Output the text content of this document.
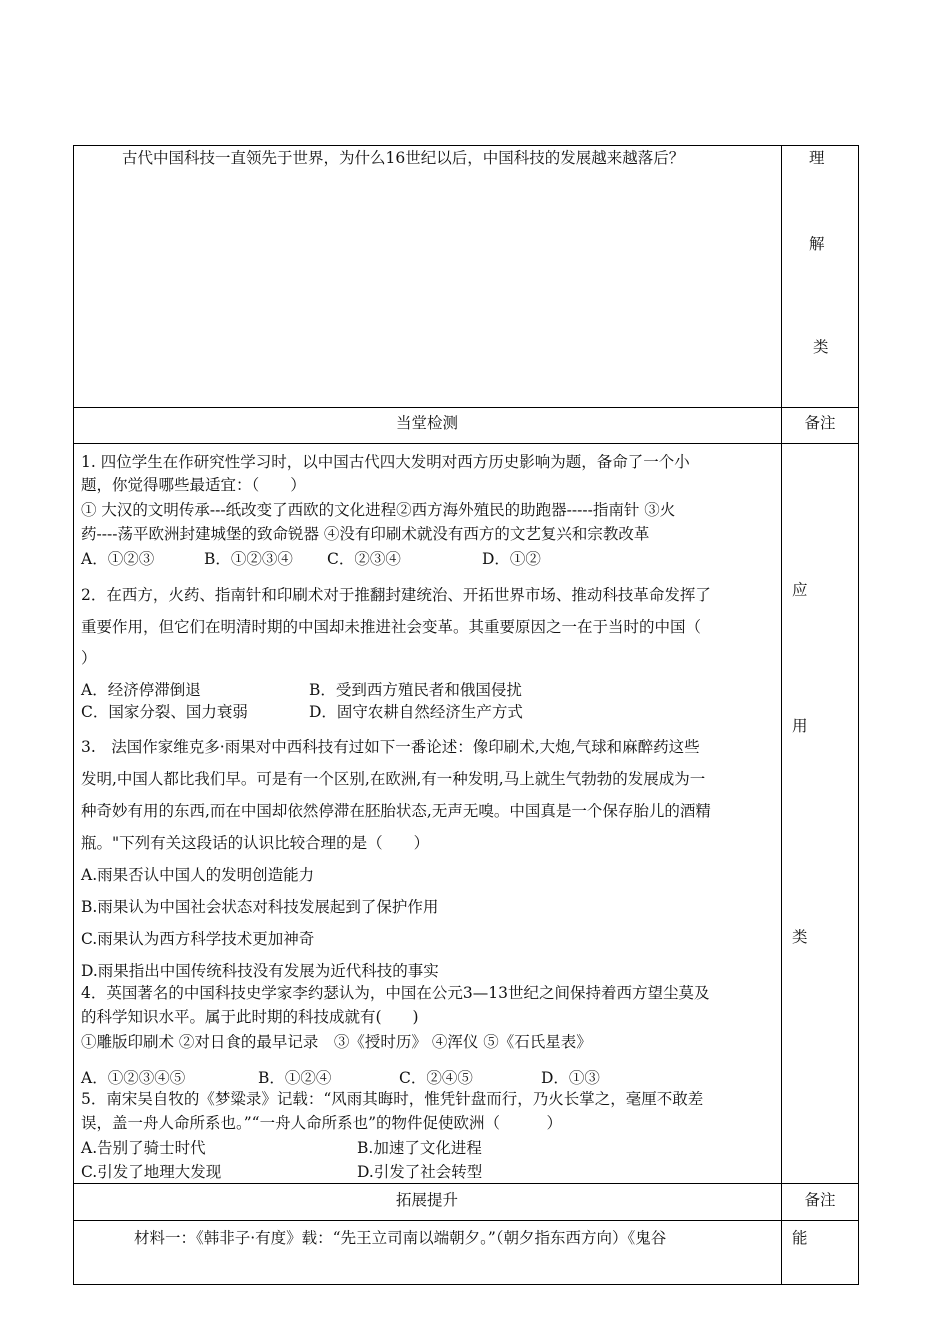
古代中国科技一直领先于世界，为什么16世纪以后，中国科技的发展越来越落后？	理
解
类
当堂检测	备注
1. 四位学生在作研究性学习时，以中国古代四大发明对西方历史影响为题，备命了一个小
题，你觉得哪些最适宜：（　　）
① 大汉的文明传承---纸改变了西欧的文化进程②西方海外殖民的助跑器-----指南针 ③火
药----荡平欧洲封建城堡的致命锐器 ④没有印刷术就没有西方的文艺复兴和宗教改革
A．①②③	B．①②③④ C．②③④	D．①②
2．在西方，火药、指南针和印刷术对于推翻封建统治、开拓世界市场、推动科技革命发挥了
重要作用，但它们在明清时期的中国却未推进社会变革。其重要原因之一在于当时的中国（
）
A．经济停滞倒退	B．受到西方殖民者和俄国侵扰
C．国家分裂、国力衰弱	D．固守农耕自然经济生产方式
3.　法国作家维克多·雨果对中西科技有过如下一番论述：像印刷术,大炮,气球和麻醉药这些
发明,中国人都比我们早。可是有一个区别,在欧洲,有一种发明,马上就生气勃勃的发展成为一
种奇妙有用的东西,而在中国却依然停滞在胚胎状态,无声无嗅。中国真是一个保存胎儿的酒精
瓶。"下列有关这段话的认识比较合理的是（　　）
A.雨果否认中国人的发明创造能力
B.雨果认为中国社会状态对科技发展起到了保护作用
C.雨果认为西方科学技术更加神奇
D.雨果指出中国传统科技没有发展为近代科技的事实
4．英国著名的中国科技史学家李约瑟认为，中国在公元3—13世纪之间保持着西方望尘莫及
的科学知识水平。属于此时期的科技成就有(　　)
①雕版印刷术 ②对日食的最早记录　③《授时历》 ④浑仪 ⑤《石氏星表》
A．①②③④⑤	B．①②④	C．②④⑤	D．①③
5．南宋吴自牧的《梦粱录》记载：“风雨其晦时，惟凭针盘而行，乃火长掌之，毫厘不敢差
误，盖一舟人命所系也。”“一舟人命所系也”的物件促使欧洲（　　　）
A.告别了骑士时代	B.加速了文化进程
C.引发了地理大发现	D.引发了社会转型
应
用
类
拓展提升	备注
材料一：《韩非子·有度》载：“先王立司南以端朝夕。”（朝夕指东西方向）《鬼谷	能
